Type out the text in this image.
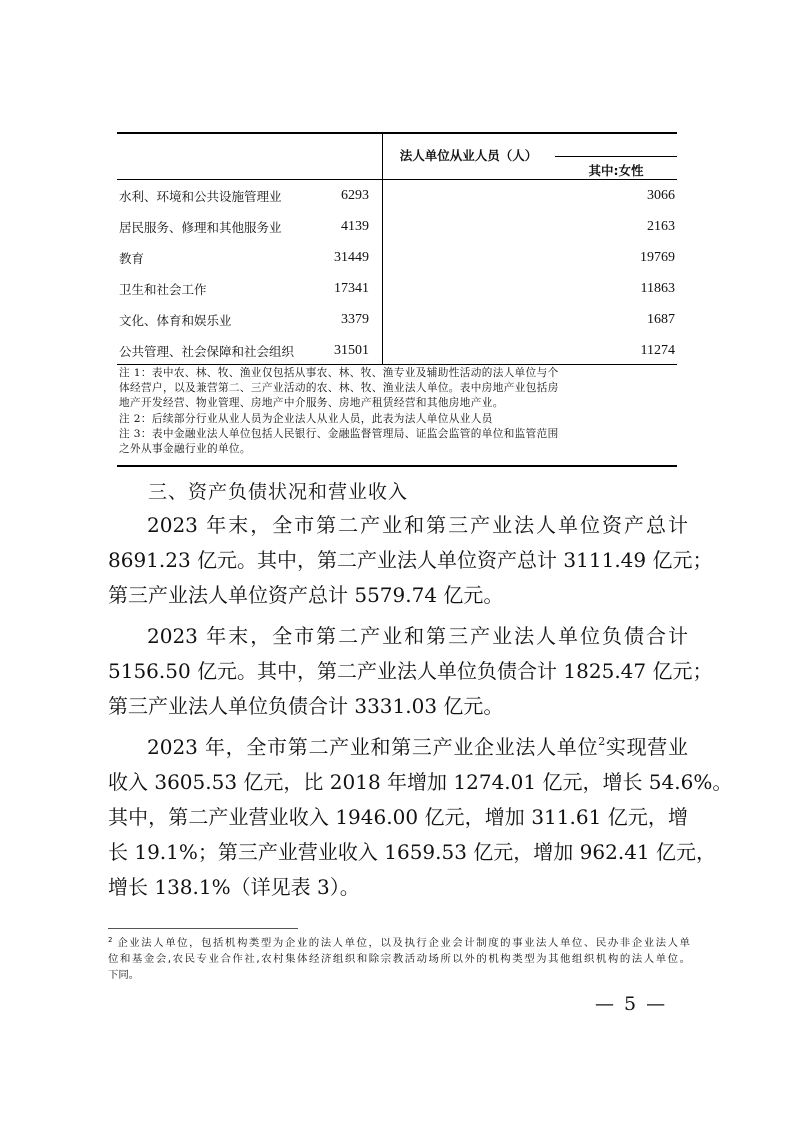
法人单位从业人员（人）
其中:女性
水利、环境和公共设施管理业	6293	3066
居民服务、修理和其他服务业	4139	2163
教育	31449	19769
卫生和社会工作	17341	11863
文化、体育和娱乐业	3379	1687
公共管理、社会保障和社会组织	31501	11274
注 1：表中农、林、牧、渔业仅包括从事农、林、牧、渔专业及辅助性活动的法人单位与个
体经营户，以及兼营第二、三产业活动的农、林、牧、渔业法人单位。表中房地产业包括房
地产开发经营、物业管理、房地产中介服务、房地产租赁经营和其他房地产业。
注 2：后续部分行业从业人员为企业法人从业人员，此表为法人单位从业人员
注 3：表中金融业法人单位包括人民银行、金融监督管理局、证监会监管的单位和监管范围
之外从事金融行业的单位。
三、资产负债状况和营业收入
2023 年末，全市第二产业和第三产业法人单位资产总计
8691.23 亿元。其中，第二产业法人单位资产总计 3111.49 亿元；
第三产业法人单位资产总计 5579.74 亿元。
2023 年末，全市第二产业和第三产业法人单位负债合计
5156.50 亿元。其中，第二产业法人单位负债合计 1825.47 亿元；
第三产业法人单位负债合计 3331.03 亿元。
2023 年，全市第二产业和第三产业企业法人单位$^2$实现营业
收入 3605.53 亿元，比 2018 年增加 1274.01 亿元，增长 54.6%。
其中，第二产业营业收入 1946.00 亿元，增加 311.61 亿元，增
长 19.1%；第三产业营业收入 1659.53 亿元，增加 962.41 亿元，
增长 138.1%（详见表 3）。
$^2$ 企业法人单位，包括机构类型为企业的法人单位，以及执行企业会计制度的事业法人单位、民办非企业法人单
位和基金会,农民专业合作社,农村集体经济组织和除宗教活动场所以外的机构类型为其他组织机构的法人单位。
下同。
— 5 —
